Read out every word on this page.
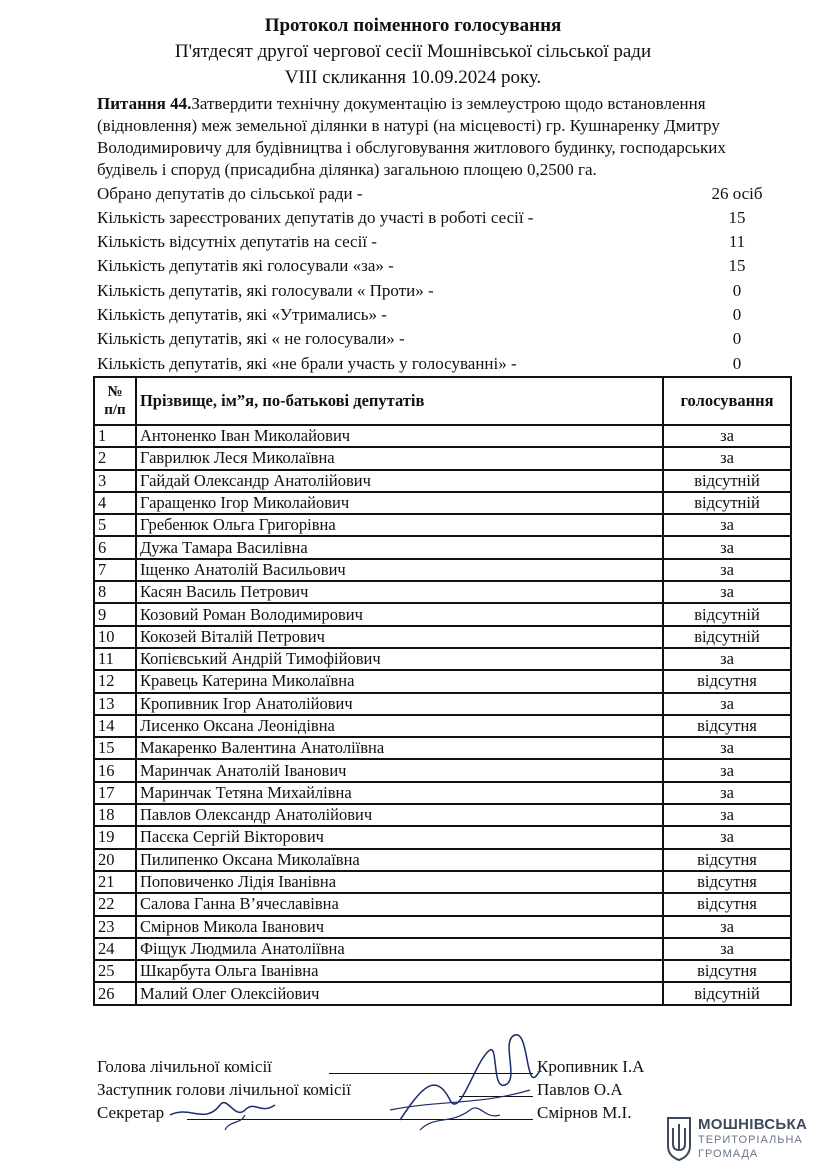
Протокол поіменного голосування
П'ятдесят другої чергової сесії Мошнівської сільської ради
VIII скликання 10.09.2024 року.
Питання 44.Затвердити технічну документацію із землеустрою щодо встановлення (відновлення) меж земельної ділянки в натурі (на місцевості) гр. Кушнаренку Дмитру Володимировичу для будівництва і обслуговування житлового будинку, господарських будівель і споруд (присадибна ділянка) загальною площею 0,2500 га.
Обрано депутатів до сільської ради -	26 осіб
Кількість зареєстрованих депутатів до участі в роботі сесії -	15
Кількість відсутніх депутатів на сесії -	11
Кількість депутатів які голосували «за» -	15
Кількість депутатів, які голосували « Проти» -	0
Кількість депутатів, які «Утримались» -	0
Кількість депутатів, які « не голосували» -	0
Кількість депутатів, які «не брали участь у голосуванні» -	0
№
п/п	Прізвище, ім”я, по-батькові депутатів	голосування
1	Антоненко Іван Миколайович	за
2	Гаврилюк Леся Миколаївна	за
3	Гайдай Олександр Анатолійович	відсутній
4	Гаращенко Ігор Миколайович	відсутній
5	Гребенюк Ольга Григорівна	за
6	Дужа Тамара Василівна	за
7	Іщенко Анатолій Васильович	за
8	Касян Василь Петрович	за
9	Козовий Роман Володимирович	відсутній
10	Кокозей Віталій Петрович	відсутній
11	Копієвський Андрій Тимофійович	за
12	Кравець Катерина Миколаївна	відсутня
13	Кропивник Ігор Анатолійович	за
14	Лисенко Оксана Леонідівна	відсутня
15	Макаренко Валентина Анатоліївна	за
16	Маринчак Анатолій Іванович	за
17	Маринчак Тетяна Михайлівна	за
18	Павлов Олександр Анатолійович	за
19	Пасєка Сергій Вікторович	за
20	Пилипенко Оксана Миколаївна	відсутня
21	Поповиченко Лідія Іванівна	відсутня
22	Салова Ганна В’ячеславівна	відсутня
23	Смірнов Микола Іванович	за
24	Фіщук Людмила Анатоліївна	за
25	Шкарбута Ольга Іванівна	відсутня
26	Малий Олег Олексійович	відсутній
Голова лічильної комісії	Кропивник І.А
Заступник голови лічильної комісії	Павлов О.А
Секретар	Смірнов М.І.
МОШНІВСЬКА
ТЕРИТОРІАЛЬНА
ГРОМАДА
